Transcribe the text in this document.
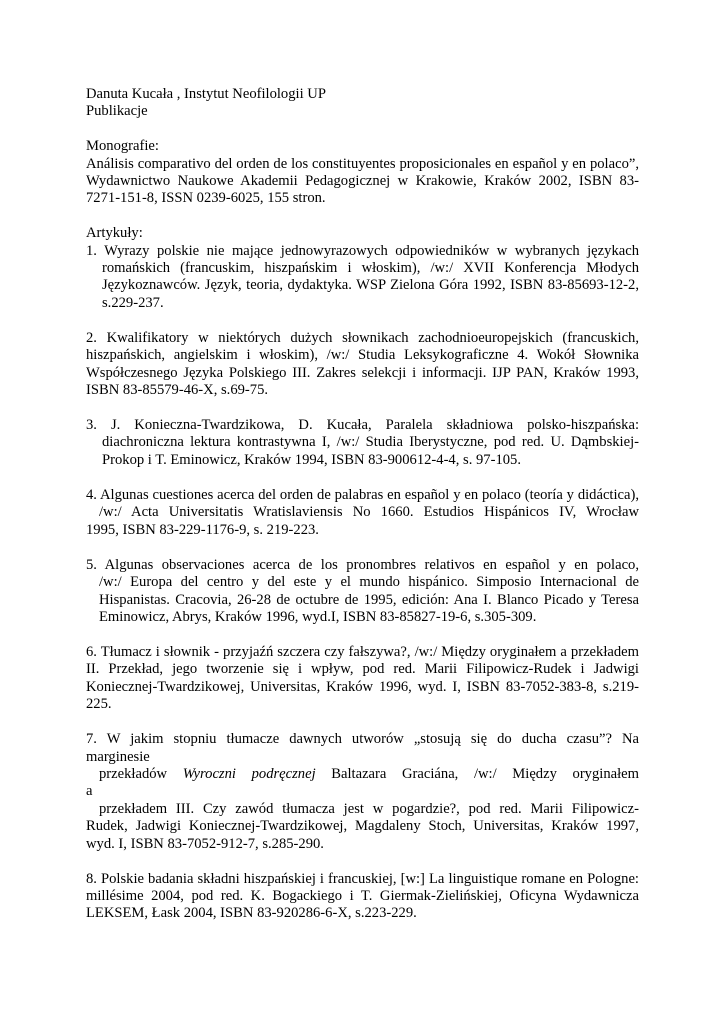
Danuta Kucała , Instytut Neofilologii UP
Publikacje
Monografie:
Análisis comparativo del orden de los constituyentes proposicionales en español y en polaco”,
Wydawnictwo Naukowe Akademii Pedagogicznej w Krakowie, Kraków 2002, ISBN 83-
7271-151-8, ISSN 0239-6025, 155 stron.
Artykuły:
1. Wyrazy polskie nie mające jednowyrazowych odpowiedników w wybranych językach
romańskich (francuskim, hiszpańskim i włoskim), /w:/ XVII Konferencja Młodych
Językoznawców. Język, teoria, dydaktyka. WSP Zielona Góra 1992, ISBN 83-85693-12-2,
s.229-237.
2. Kwalifikatory w niektórych dużych słownikach zachodnioeuropejskich (francuskich,
hiszpańskich, angielskim i włoskim), /w:/ Studia Leksykograficzne 4. Wokół Słownika
Współczesnego Języka Polskiego III. Zakres selekcji i informacji. IJP PAN, Kraków 1993,
ISBN 83-85579-46-X, s.69-75.
3. J. Konieczna-Twardzikowa, D. Kucała, Paralela składniowa polsko-hiszpańska:
diachroniczna lektura kontrastywna I, /w:/ Studia Iberystyczne, pod red. U. Dąmbskiej-
Prokop i T. Eminowicz, Kraków 1994, ISBN 83-900612-4-4, s. 97-105.
4. Algunas cuestiones acerca del orden de palabras en español y en polaco (teoría y didáctica),
/w:/ Acta Universitatis Wratislaviensis No 1660. Estudios Hispánicos IV, Wrocław
1995, ISBN 83-229-1176-9, s. 219-223.
5. Algunas observaciones acerca de los pronombres relativos en español y en polaco,
/w:/ Europa del centro y del este y el mundo hispánico. Simposio Internacional de
Hispanistas. Cracovia, 26-28 de octubre de 1995, edición: Ana I. Blanco Picado y Teresa
Eminowicz, Abrys, Kraków 1996, wyd.I, ISBN 83-85827-19-6, s.305-309.
6. Tłumacz i słownik - przyjaźń szczera czy fałszywa?, /w:/ Między oryginałem a przekładem
II. Przekład, jego tworzenie się i wpływ, pod red. Marii Filipowicz-Rudek i Jadwigi
Koniecznej-Twardzikowej, Universitas, Kraków 1996, wyd. I, ISBN 83-7052-383-8, s.219-
225.
7. W jakim stopniu tłumacze dawnych utworów „stosują się do ducha czasu”? Na
marginesie
przekładów Wyroczni podręcznej Baltazara Graciána, /w:/ Między oryginałem
a
przekładem III. Czy zawód tłumacza jest w pogardzie?, pod red. Marii Filipowicz-
Rudek, Jadwigi Koniecznej-Twardzikowej, Magdaleny Stoch, Universitas, Kraków 1997,
wyd. I, ISBN 83-7052-912-7, s.285-290.
8. Polskie badania składni hiszpańskiej i francuskiej, [w:] La linguistique romane en Pologne:
millésime 2004, pod red. K. Bogackiego i T. Giermak-Zielińskiej, Oficyna Wydawnicza
LEKSEM, Łask 2004, ISBN 83-920286-6-X, s.223-229.
